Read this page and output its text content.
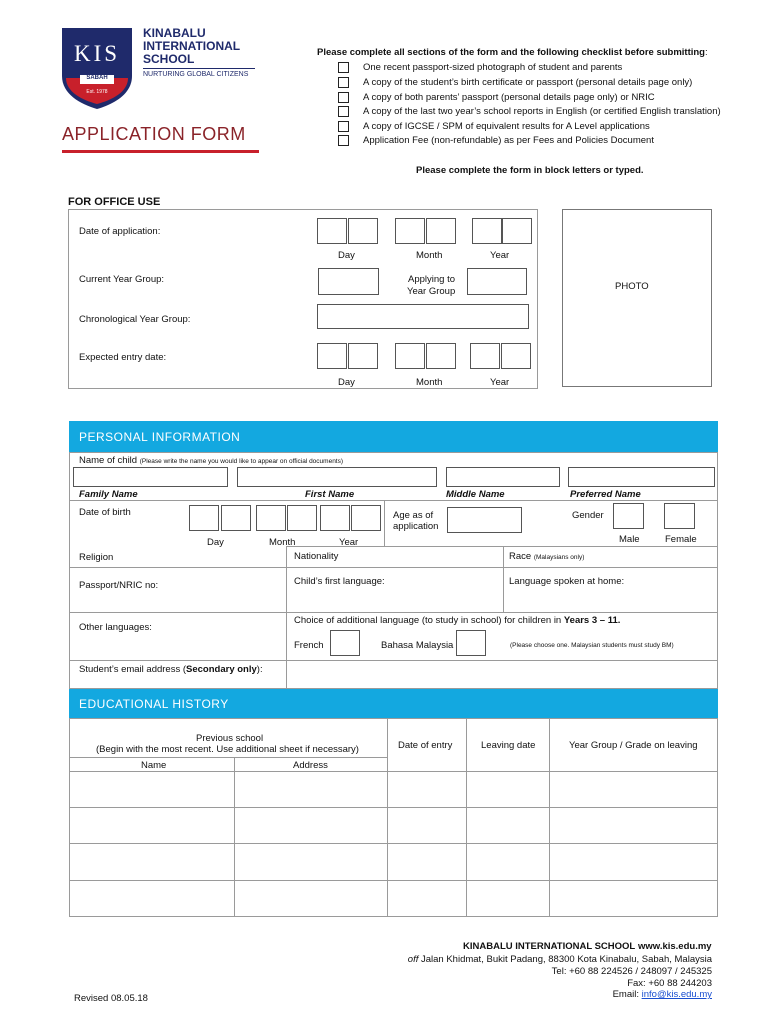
KIS
SABAH
Est. 1978
KINABALU
INTERNATIONAL
SCHOOL
NURTURING GLOBAL CITIZENS
APPLICATION FORM
Please complete all sections of the form and the following checklist before submitting:
One recent passport-sized photograph of student and parents
A copy of the student’s birth certificate or passport (personal details page only)
A copy of both parents’ passport (personal details page only) or NRIC
A copy of the last two year’s school reports in English (or certified English translation)
A copy of IGCSE / SPM of equivalent results for A Level applications
Application Fee (non-refundable) as per Fees and Policies Document
Please complete the form in block letters or typed.
FOR OFFICE USE
Date of application:
Day	Month	Year
Current Year Group:	Applying to
Year Group
Chronological Year Group:
Expected entry date:
Day	Month	Year
PHOTO
PERSONAL INFORMATION
Name of child (Please write the name you would like to appear on official documents)
Family Name	First Name	Middle Name	Preferred Name
Date of birth
Day	Month	Year
Age as of
application
Gender
Male	Female
Religion	Nationality	Race (Malaysians only)
Passport/NRIC no:	Child’s first language:	Language spoken at home:
Other languages:
Choice of additional language (to study in school) for children in Years 3 – 11.
French	Bahasa Malaysia	(Please choose one. Malaysian students must study BM)
Student’s email address (Secondary only):
EDUCATIONAL HISTORY
Previous school
(Begin with the most recent. Use additional sheet if necessary)	Date of entry	Leaving date	Year Group / Grade on leaving
Name	Address
KINABALU INTERNATIONAL SCHOOL www.kis.edu.my
off Jalan Khidmat, Bukit Padang, 88300 Kota Kinabalu, Sabah, Malaysia
Tel: +60 88 224526 / 248097 / 245325
Fax: +60 88 244203
Email: info@kis.edu.my
Revised 08.05.18
